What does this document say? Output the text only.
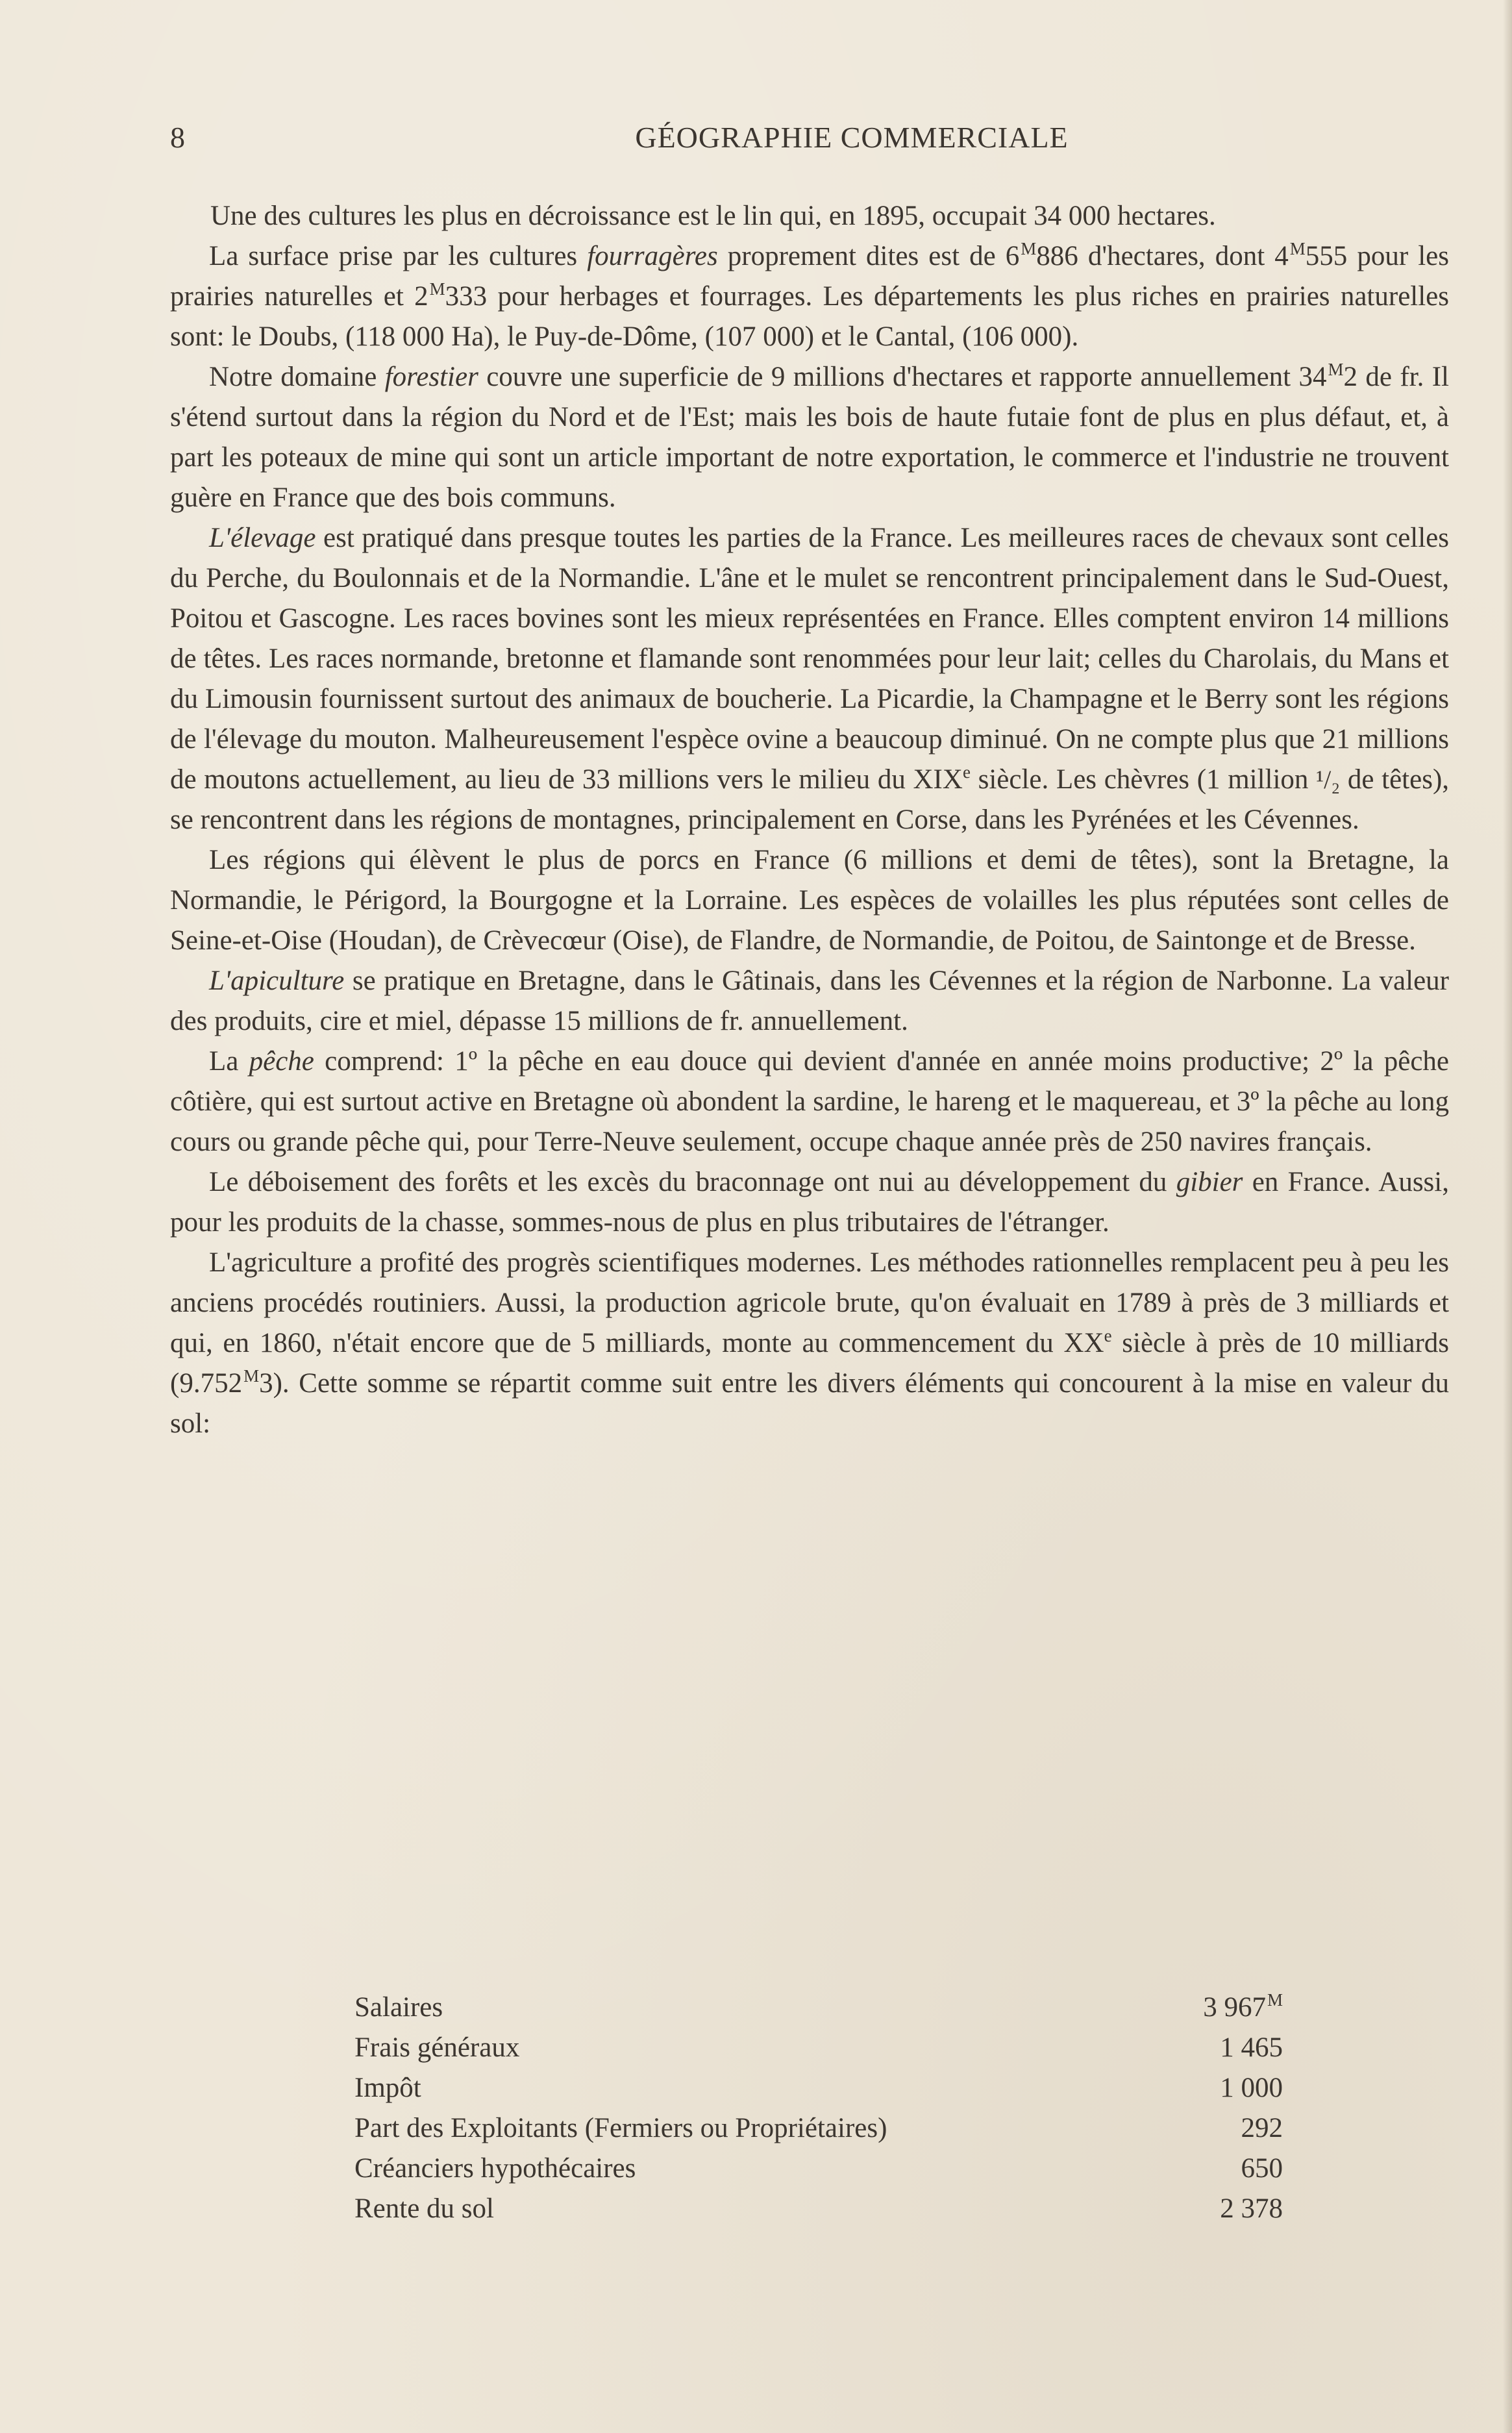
8	GÉOGRAPHIE COMMERCIALE

Une des cultures les plus en décroissance est le lin qui, en 1895, occupait 34 000 hectares.

La surface prise par les cultures fourragères proprement dites est de $6^M886$ d'hectares, dont $4^M555$ pour les prairies naturelles et $2^M333$ pour herbages et fourrages. Les départements les plus riches en prairies naturelles sont: le Doubs, (118 000 Ha), le Puy-de-Dôme, (107 000) et le Cantal, (106 000).

Notre domaine forestier couvre une superficie de 9 millions d'hectares et rapporte annuellement $34^M2$ de fr. Il s'étend surtout dans la région du Nord et de l'Est; mais les bois de haute futaie font de plus en plus défaut, et, à part les poteaux de mine qui sont un article important de notre exportation, le commerce et l'industrie ne trouvent guère en France que des bois communs.

L'élevage est pratiqué dans presque toutes les parties de la France. Les meilleures races de chevaux sont celles du Perche, du Boulonnais et de la Normandie. L'âne et le mulet se rencontrent principalement dans le Sud-Ouest, Poitou et Gascogne. Les races bovines sont les mieux représentées en France. Elles comptent environ 14 millions de têtes. Les races normande, bretonne et flamande sont renommées pour leur lait; celles du Charolais, du Mans et du Limousin fournissent surtout des animaux de boucherie. La Picardie, la Champagne et le Berry sont les régions de l'élevage du mouton. Malheureusement l'espèce ovine a beaucoup diminué. On ne compte plus que 21 millions de moutons actuellement, au lieu de 33 millions vers le milieu du XIXe siècle. Les chèvres (1 million ¹/₂ de têtes), se rencontrent dans les régions de montagnes, principalement en Corse, dans les Pyrénées et les Cévennes.

Les régions qui élèvent le plus de porcs en France (6 millions et demi de têtes), sont la Bretagne, la Normandie, le Périgord, la Bourgogne et la Lorraine. Les espèces de volailles les plus réputées sont celles de Seine-et-Oise (Houdan), de Crèvecœur (Oise), de Flandre, de Normandie, de Poitou, de Saintonge et de Bresse.

L'apiculture se pratique en Bretagne, dans le Gâtinais, dans les Cévennes et la région de Narbonne. La valeur des produits, cire et miel, dépasse 15 millions de fr. annuellement.

La pêche comprend: 1º la pêche en eau douce qui devient d'année en année moins productive; 2º la pêche côtière, qui est surtout active en Bretagne où abondent la sardine, le hareng et le maquereau, et 3º la pêche au long cours ou grande pêche qui, pour Terre-Neuve seulement, occupe chaque année près de 250 navires français.

Le déboisement des forêts et les excès du braconnage ont nui au développement du gibier en France. Aussi, pour les produits de la chasse, sommes-nous de plus en plus tributaires de l'étranger.

L'agriculture a profité des progrès scientifiques modernes. Les méthodes rationnelles remplacent peu à peu les anciens procédés routiniers. Aussi, la production agricole brute, qu'on évaluait en 1789 à près de 3 milliards et qui, en 1860, n'était encore que de 5 milliards, monte au commencement du XXe siècle à près de 10 milliards $(9.752^M3)$. Cette somme se répartit comme suit entre les divers éléments qui concourent à la mise en valeur du sol:

Salaires	3 $967^M$
Frais généraux	1 465
Impôt	1 000
Part des Exploitants (Fermiers ou Propriétaires)	292
Créanciers hypothécaires	650
Rente du sol	2 378
